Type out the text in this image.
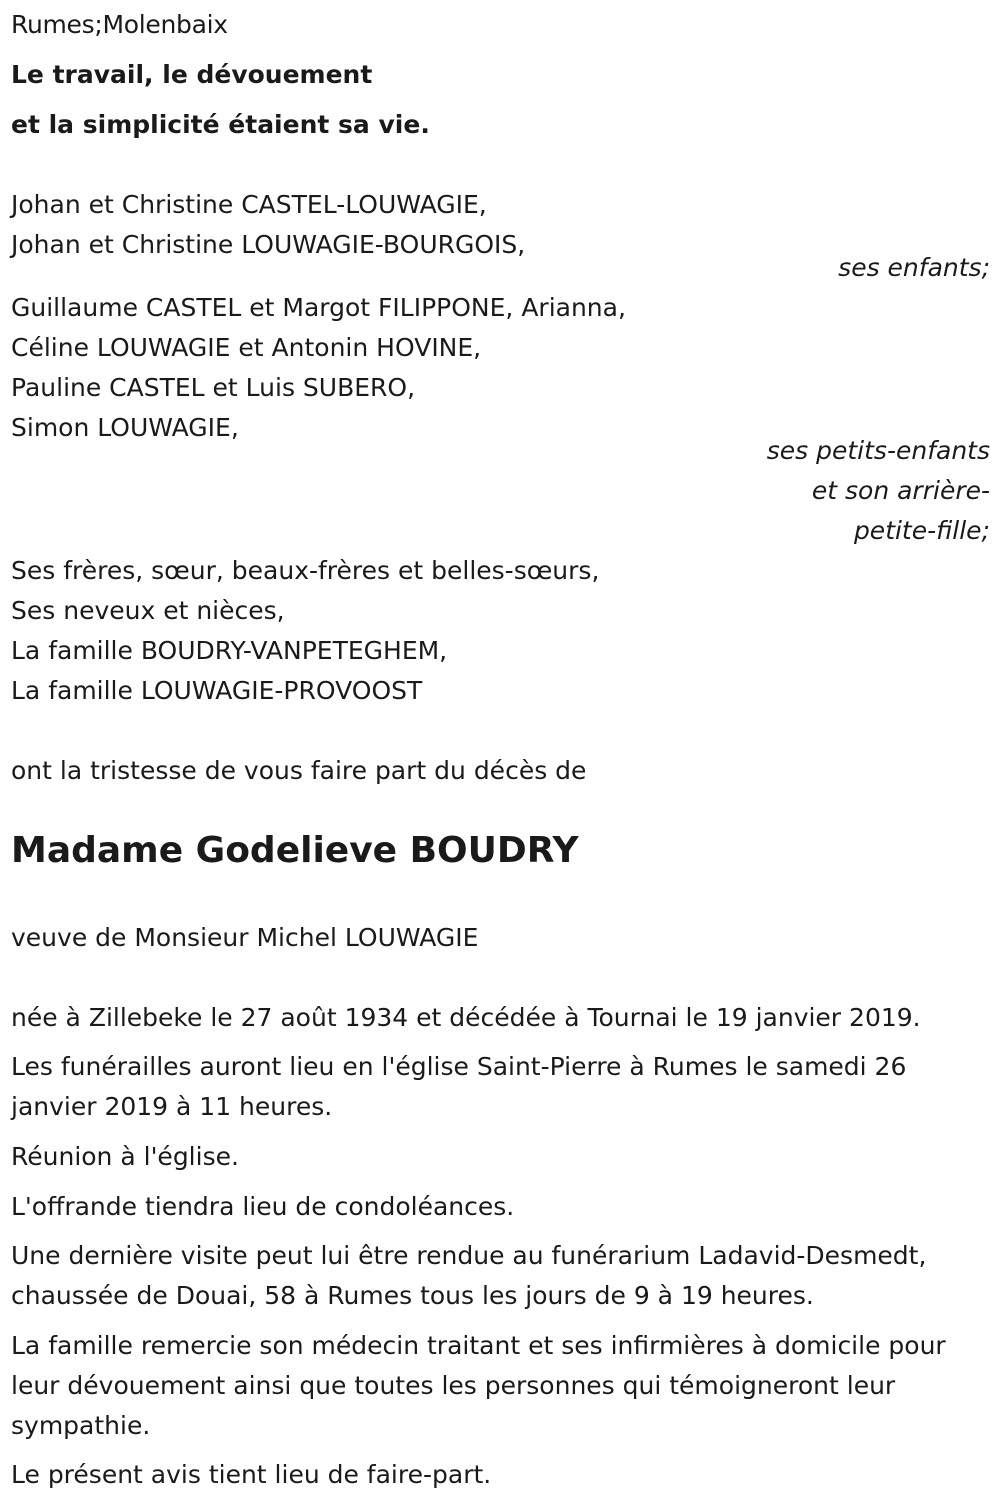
Rumes;Molenbaix
Le travail, le dévouement
et la simplicité étaient sa vie.
Johan et Christine CASTEL-LOUWAGIE,
Johan et Christine LOUWAGIE-BOURGOIS,
ses enfants;
Guillaume CASTEL et Margot FILIPPONE, Arianna,
Céline LOUWAGIE et Antonin HOVINE,
Pauline CASTEL et Luis SUBERO,
Simon LOUWAGIE,
ses petits-enfants
et son arrière-
petite-fille;
Ses frères, sœur, beaux-frères et belles-sœurs,
Ses neveux et nièces,
La famille BOUDRY-VANPETEGHEM,
La famille LOUWAGIE-PROVOOST
ont la tristesse de vous faire part du décès de
Madame Godelieve BOUDRY
veuve de Monsieur Michel LOUWAGIE
née à Zillebeke le 27 août 1934 et décédée à Tournai le 19 janvier 2019.
Les funérailles auront lieu en l'église Saint-Pierre à Rumes le samedi 26 janvier 2019 à 11 heures.
Réunion à l'église.
L'offrande tiendra lieu de condoléances.
Une dernière visite peut lui être rendue au funérarium Ladavid-Desmedt, chaussée de Douai, 58 à Rumes tous les jours de 9 à 19 heures.
La famille remercie son médecin traitant et ses infirmières à domicile pour leur dévouement ainsi que toutes les personnes qui témoigneront leur sympathie.
Le présent avis tient lieu de faire-part.
